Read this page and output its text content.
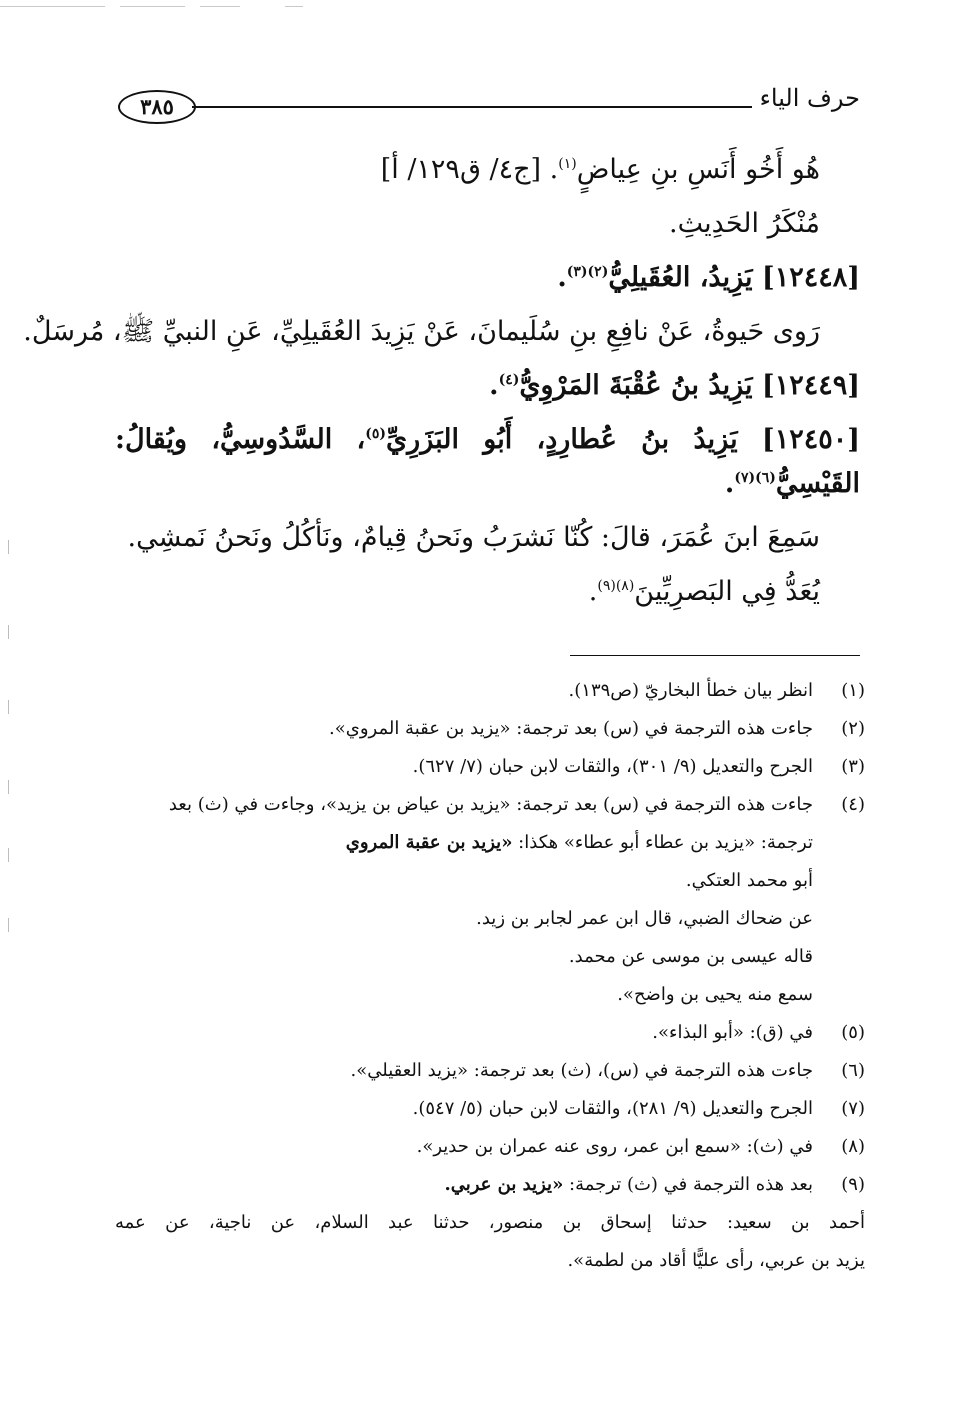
٣٨٥	حرف الياء
هُو أَخُو أَنَسِ بنِ عِياضٍ$^{(١)}$. [ج٤/ ق١٢٩/ أ]
مُنْكَرُ الحَدِيثِ.
[١٢٤٤٨] يَزِيدُ، العُقَيلِيُّ$^{(٢)(٣)}$.
رَوى حَيوةُ، عَنْ نافِعِ بنِ سُلَيمانَ، عَنْ يَزِيدَ العُقَيلِيِّ، عَنِ النبيِّ ﷺ، مُرسَلٌ.
[١٢٤٤٩] يَزِيدُ بنُ عُقْبَةَ المَرْوِيُّ$^{(٤)}$.
[١٢٤٥٠] يَزِيدُ بنُ عُطارِدٍ، أَبُو البَزَرِيِّ$^{(٥)}$، السَّدُوسِيُّ، ويُقالُ:
القَيْسِيُّ$^{(٦)(٧)}$.
سَمِعَ ابنَ عُمَرَ، قالَ: كُنّا نَشرَبُ ونَحنُ قِيامٌ، ونَأكُلُ ونَحنُ نَمشِي.
يُعَدُّ فِي البَصرِيِّينَ$^{(٨)(٩)}$.
(١)انظر بيان خطأ البخاريّ (ص١٣٩).
(٢)جاءت هذه الترجمة في (س) بعد ترجمة: «يزيد بن عقبة المروي».
(٣)الجرح والتعديل (٩/ ٣٠١)، والثقات لابن حبان (٧/ ٦٢٧).
(٤)جاءت هذه الترجمة في (س) بعد ترجمة: «يزيد بن عياض بن يزيد»، وجاءت في (ث) بعد
ترجمة: «يزيد بن عطاء أبو عطاء» هكذا: «يزيد بن عقبة المروي
أبو محمد العتكي.
عن ضحاك الضبي، قال ابن عمر لجابر بن زيد.
قاله عيسى بن موسى عن محمد.
سمع منه يحيى بن واضح».
(٥)في (ق): «أبو البذاء».
(٦)جاءت هذه الترجمة في (س)، (ث) بعد ترجمة: «يزيد العقيلي».
(٧)الجرح والتعديل (٩/ ٢٨١)، والثقات لابن حبان (٥/ ٥٤٧).
(٨)في (ث): «سمع ابن عمر، روى عنه عمران بن حدير».
(٩)بعد هذه الترجمة في (ث) ترجمة: «يزيد بن عربي.
أحمد بن سعيد: حدثنا إسحاق بن منصور، حدثنا عبد السلام، عن ناجية، عن عمه
يزيد بن عربي، رأى عليًّا أقاد من لطمة».
